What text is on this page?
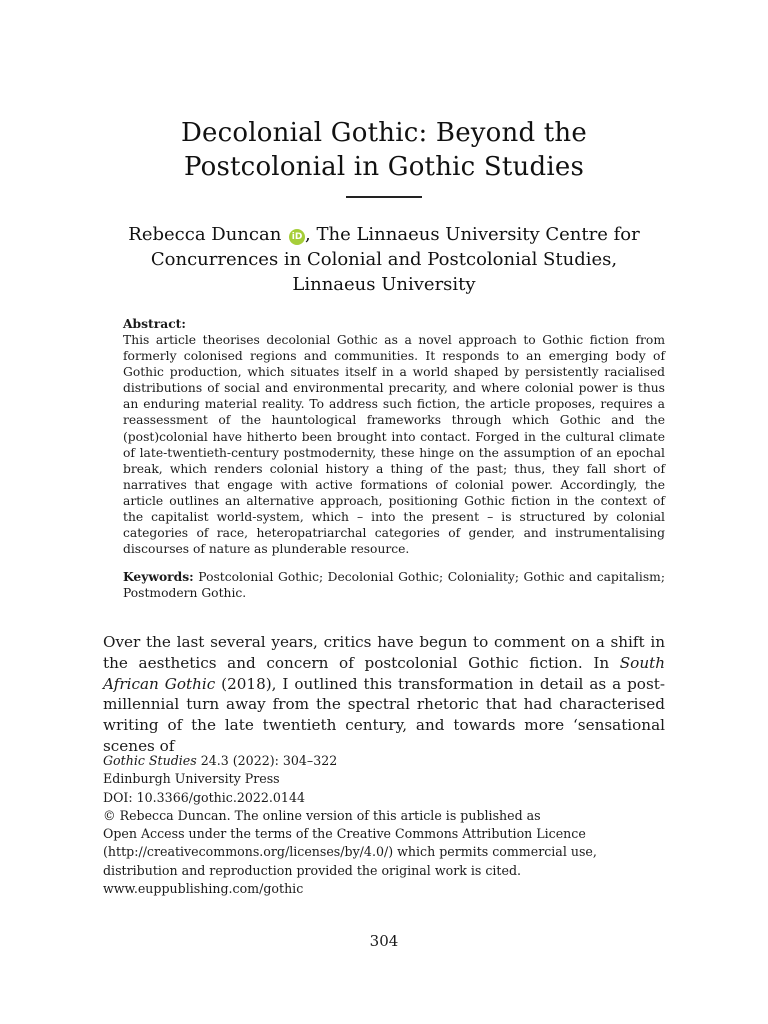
Decolonial Gothic: Beyond the
Postcolonial in Gothic Studies
Rebecca Duncan iD , The Linnaeus University Centre for
Concurrences in Colonial and Postcolonial Studies,
Linnaeus University
Abstract:
This article theorises decolonial Gothic as a novel approach to Gothic fiction from formerly colonised regions and communities. It responds to an emerging body of Gothic production, which situates itself in a world shaped by persistently racialised distributions of social and environmental precarity, and where colonial power is thus an enduring material reality. To address such fiction, the article proposes, requires a reassessment of the hauntological frameworks through which Gothic and the (post)colonial have hitherto been brought into contact. Forged in the cultural climate of late-twentieth-century postmodernity, these hinge on the assumption of an epochal break, which renders colonial history a thing of the past; thus, they fall short of narratives that engage with active formations of colonial power. Accordingly, the article outlines an alternative approach, positioning Gothic fiction in the context of the capitalist world-system, which – into the present – is structured by colonial categories of race, heteropatriarchal categories of gender, and instrumentalising discourses of nature as plunderable resource.
Keywords: Postcolonial Gothic; Decolonial Gothic; Coloniality; Gothic and capitalism; Postmodern Gothic.
Over the last several years, critics have begun to comment on a shift in the aesthetics and concern of postcolonial Gothic fiction. In South African Gothic (2018), I outlined this transformation in detail as a post-millennial turn away from the spectral rhetoric that had characterised writing of the late twentieth century, and towards more ‘sensational scenes of
Gothic Studies 24.3 (2022): 304–322
Edinburgh University Press
DOI: 10.3366/gothic.2022.0144
© Rebecca Duncan. The online version of this article is published as
Open Access under the terms of the Creative Commons Attribution Licence
(http://creativecommons.org/licenses/by/4.0/) which permits commercial use,
distribution and reproduction provided the original work is cited.
www.euppublishing.com/gothic
304
